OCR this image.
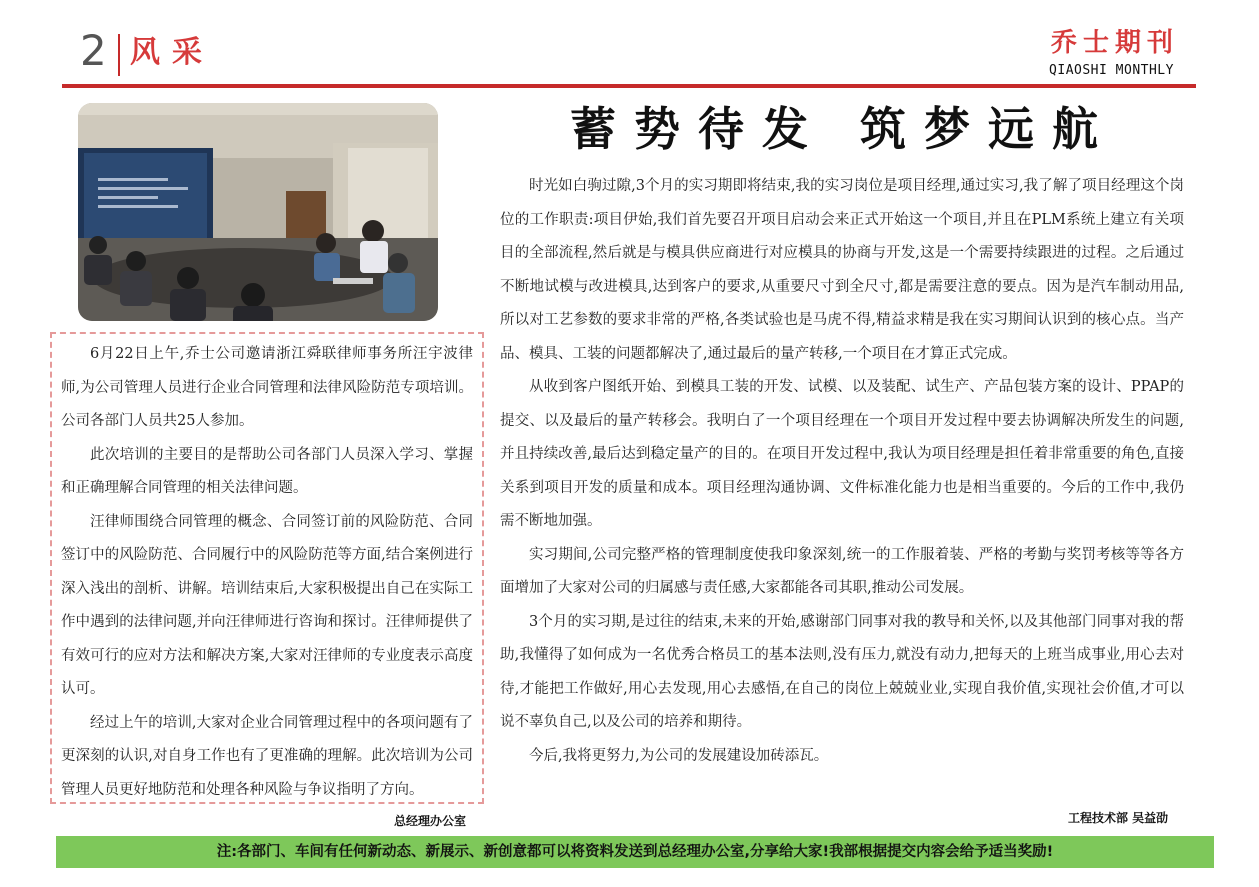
2 风采	乔士期刊
QIAOSHI MONTHLY

6月22日上午,乔士公司邀请浙江舜联律师事务所汪宇波律师,为公司管理人员进行企业合同管理和法律风险防范专项培训。公司各部门人员共25人参加。

此次培训的主要目的是帮助公司各部门人员深入学习、掌握和正确理解合同管理的相关法律问题。

汪律师围绕合同管理的概念、合同签订前的风险防范、合同签订中的风险防范、合同履行中的风险防范等方面,结合案例进行深入浅出的剖析、讲解。培训结束后,大家积极提出自己在实际工作中遇到的法律问题,并向汪律师进行咨询和探讨。汪律师提供了有效可行的应对方法和解决方案,大家对汪律师的专业度表示高度认可。

经过上午的培训,大家对企业合同管理过程中的各项问题有了更深刻的认识,对自身工作也有了更准确的理解。此次培训为公司管理人员更好地防范和处理各种风险与争议指明了方向。

总经理办公室
蓄势待发 筑梦远航

时光如白驹过隙,3个月的实习期即将结束,我的实习岗位是项目经理,通过实习,我了解了项目经理这个岗位的工作职责:项目伊始,我们首先要召开项目启动会来正式开始这一个项目,并且在PLM系统上建立有关项目的全部流程,然后就是与模具供应商进行对应模具的协商与开发,这是一个需要持续跟进的过程。之后通过不断地试模与改进模具,达到客户的要求,从重要尺寸到全尺寸,都是需要注意的要点。因为是汽车制动用品,所以对工艺参数的要求非常的严格,各类试验也是马虎不得,精益求精是我在实习期间认识到的核心点。当产品、模具、工装的问题都解决了,通过最后的量产转移,一个项目在才算正式完成。

从收到客户图纸开始、到模具工装的开发、试模、以及装配、试生产、产品包装方案的设计、PPAP的提交、以及最后的量产转移会。我明白了一个项目经理在一个项目开发过程中要去协调解决所发生的问题,并且持续改善,最后达到稳定量产的目的。在项目开发过程中,我认为项目经理是担任着非常重要的角色,直接关系到项目开发的质量和成本。项目经理沟通协调、文件标准化能力也是相当重要的。今后的工作中,我仍需不断地加强。

实习期间,公司完整严格的管理制度使我印象深刻,统一的工作服着装、严格的考勤与奖罚考核等等各方面增加了大家对公司的归属感与责任感,大家都能各司其职,推动公司发展。

3个月的实习期,是过往的结束,未来的开始,感谢部门同事对我的教导和关怀,以及其他部门同事对我的帮助,我懂得了如何成为一名优秀合格员工的基本法则,没有压力,就没有动力,把每天的上班当成事业,用心去对待,才能把工作做好,用心去发现,用心去感悟,在自己的岗位上兢兢业业,实现自我价值,实现社会价值,才可以说不辜负自己,以及公司的培养和期待。

今后,我将更努力,为公司的发展建设加砖添瓦。

工程技术部 吴益劭
注:各部门、车间有任何新动态、新展示、新创意都可以将资料发送到总经理办公室,分享给大家!我部根据提交内容会给予适当奖励!
